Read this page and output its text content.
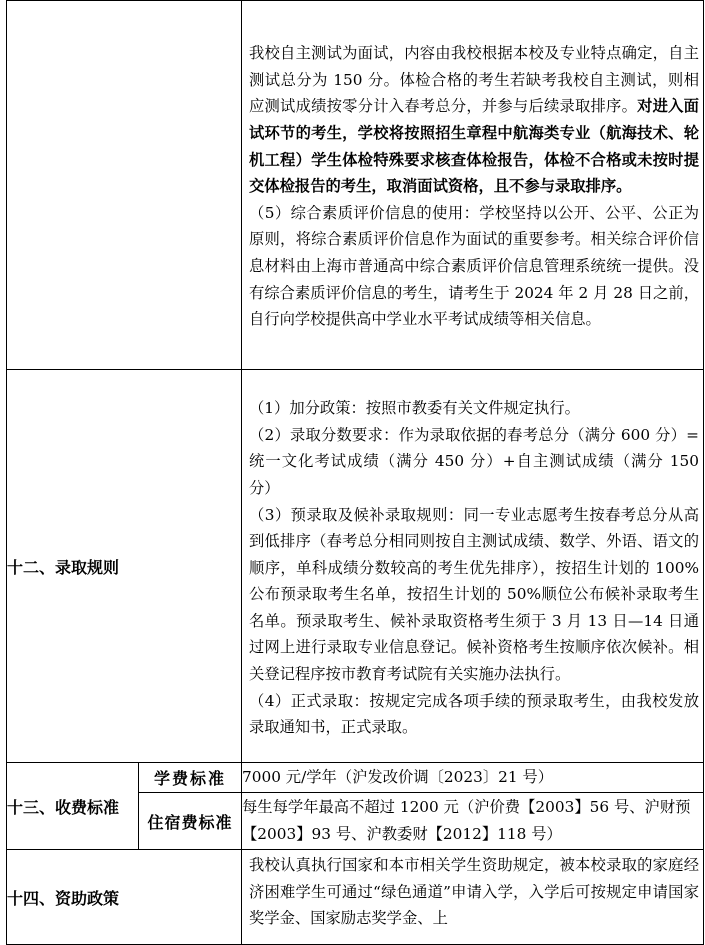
		我校自主测试为面试，内容由我校根据本校及专业特点确定，自主测试总分为 150 分。体检合格的考生若缺考我校自主测试，则相应测试成绩按零分计入春考总分，并参与后续录取排序。对进入面试环节的考生，学校将按照招生章程中航海类专业（航海技术、轮机工程）学生体检特殊要求核查体检报告，体检不合格或未按时提交体检报告的考生，取消面试资格，且不参与录取排序。

（5）综合素质评价信息的使用：学校坚持以公开、公平、公正为原则，将综合素质评价信息作为面试的重要参考。相关综合评价信息材料由上海市普通高中综合素质评价信息管理系统统一提供。没有综合素质评价信息的考生，请考生于 2024 年 2 月 28 日之前，自行向学校提供高中学业水平考试成绩等相关信息。

十二、录取规则		（1）加分政策：按照市教委有关文件规定执行。

（2）录取分数要求：作为录取依据的春考总分（满分 600 分）=统一文化考试成绩（满分 450 分）+自主测试成绩（满分 150 分）

（3）预录取及候补录取规则：同一专业志愿考生按春考总分从高到低排序（春考总分相同则按自主测试成绩、数学、外语、语文的顺序，单科成绩分数较高的考生优先排序），按招生计划的 100%公布预录取考生名单，按招生计划的 50%顺位公布候补录取考生名单。预录取考生、候补录取资格考生须于 3 月 13 日—14 日通过网上进行录取专业信息登记。候补资格考生按顺序依次候补。相关登记程序按市教育考试院有关实施办法执行。

（4）正式录取：按规定完成各项手续的预录取考生，由我校发放录取通知书，正式录取。

十三、收费标准	学费标准	7000 元/学年（沪发改价调〔2023〕21 号）
	住宿费标准	每生每学年最高不超过 1200 元（沪价费【2003】56 号、沪财预【2003】93 号、沪教委财【2012】118 号）
十四、资助政策		我校认真执行国家和本市相关学生资助规定，被本校录取的家庭经济困难学生可通过“绿色通道”申请入学，入学后可按规定申请国家奖学金、国家励志奖学金、上
